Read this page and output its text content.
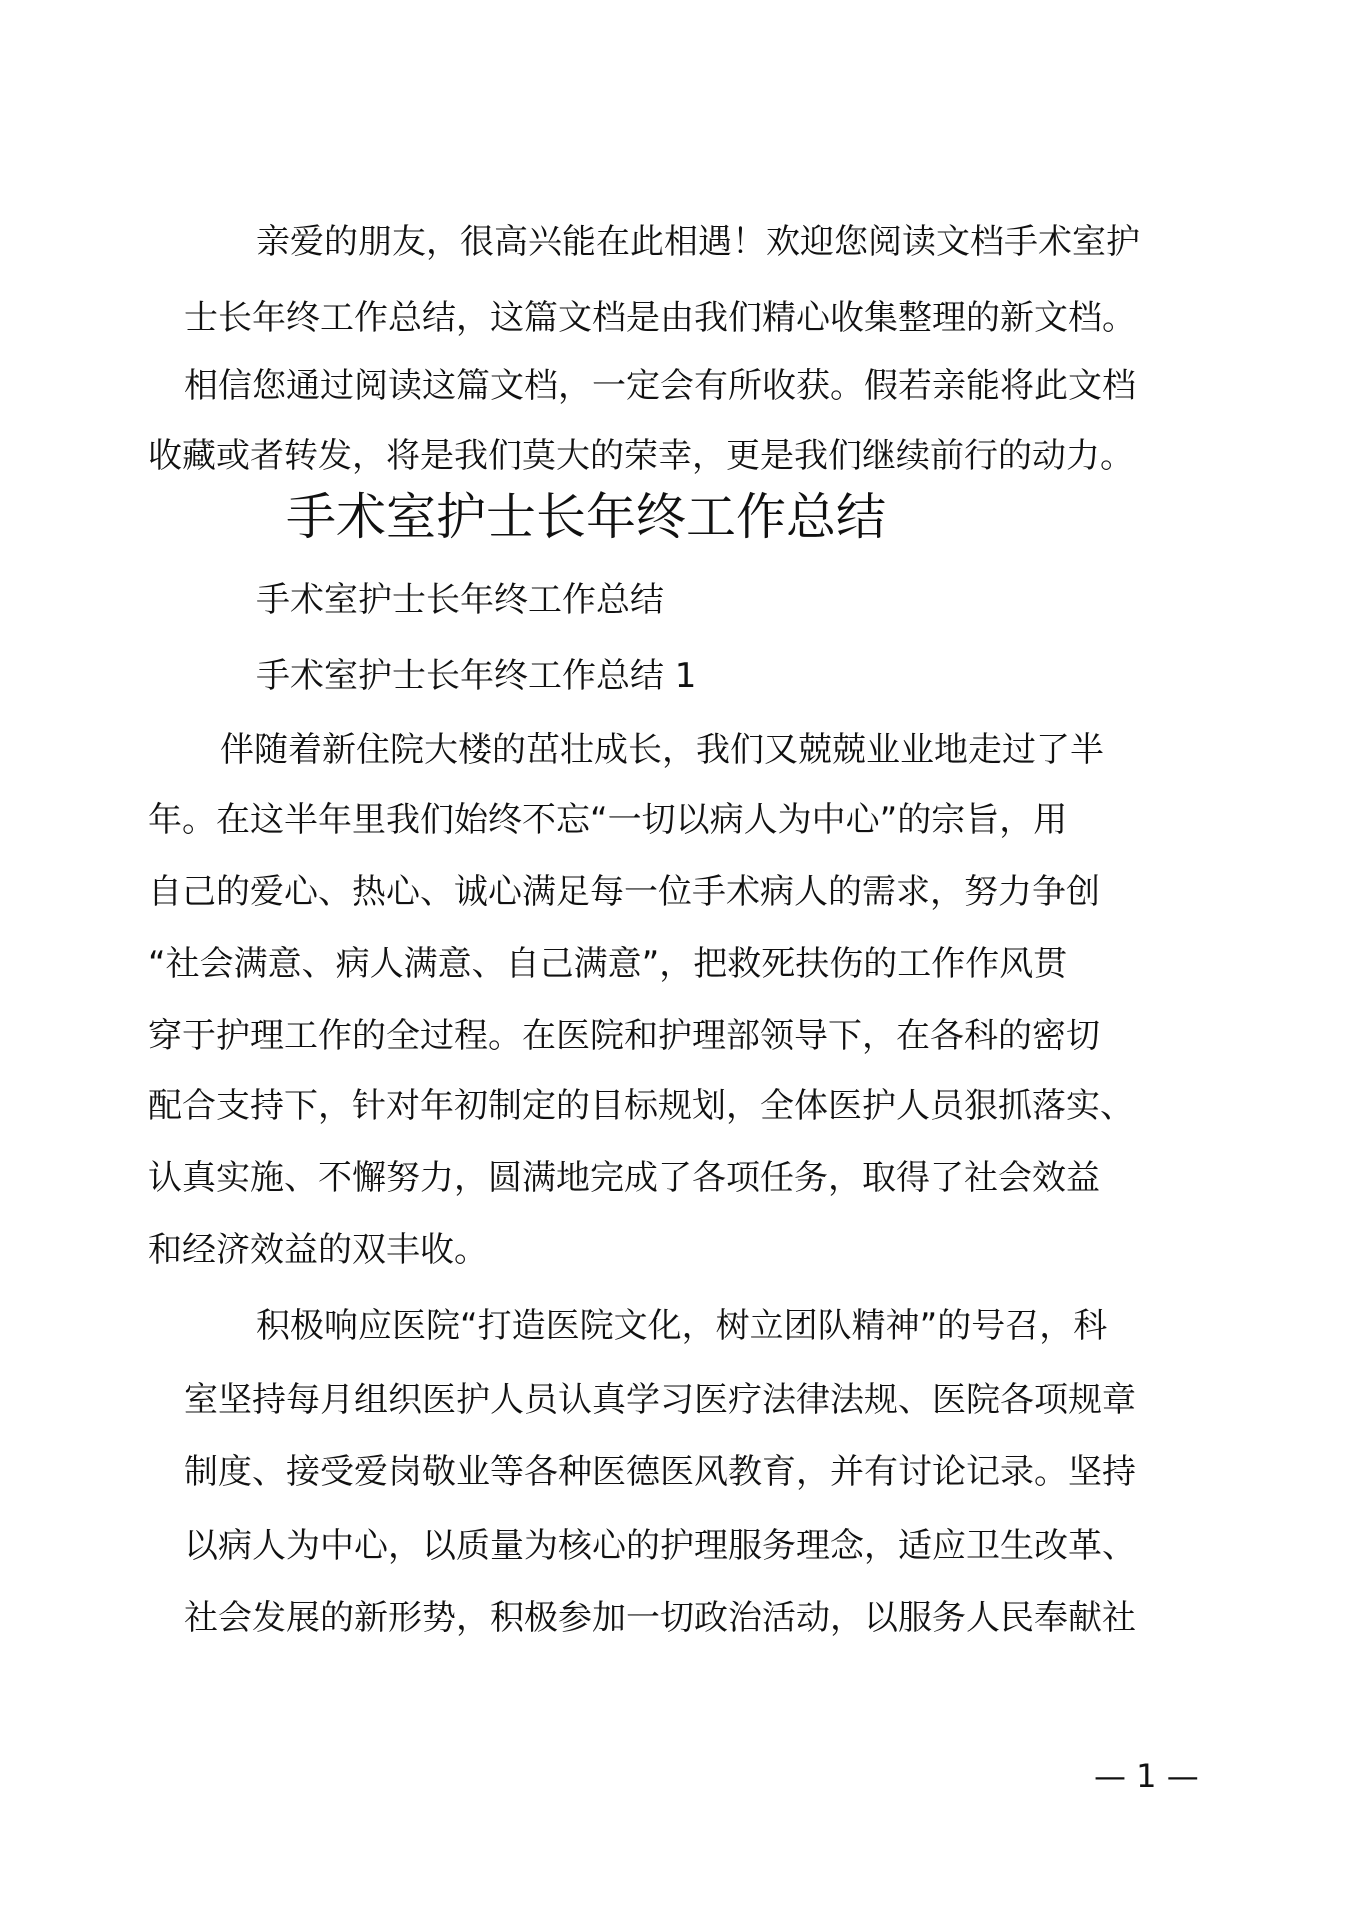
亲爱的朋友，很高兴能在此相遇！欢迎您阅读文档手术室护
士长年终工作总结，这篇文档是由我们精心收集整理的新文档。
相信您通过阅读这篇文档，一定会有所收获。假若亲能将此文档
收藏或者转发，将是我们莫大的荣幸，更是我们继续前行的动力。
手术室护士长年终工作总结
手术室护士长年终工作总结
手术室护士长年终工作总结 1
伴随着新住院大楼的茁壮成长，我们又兢兢业业地走过了半
年。在这半年里我们始终不忘“一切以病人为中心”的宗旨，用
自己的爱心、热心、诚心满足每一位手术病人的需求，努力争创
“社会满意、病人满意、自己满意”，把救死扶伤的工作作风贯
穿于护理工作的全过程。在医院和护理部领导下，在各科的密切
配合支持下，针对年初制定的目标规划，全体医护人员狠抓落实、
认真实施、不懈努力，圆满地完成了各项任务，取得了社会效益
和经济效益的双丰收。
积极响应医院“打造医院文化，树立团队精神”的号召，科
室坚持每月组织医护人员认真学习医疗法律法规、医院各项规章
制度、接受爱岗敬业等各种医德医风教育，并有讨论记录。坚持
以病人为中心，以质量为核心的护理服务理念，适应卫生改革、
社会发展的新形势，积极参加一切政治活动，以服务人民奉献社
— 1 —
